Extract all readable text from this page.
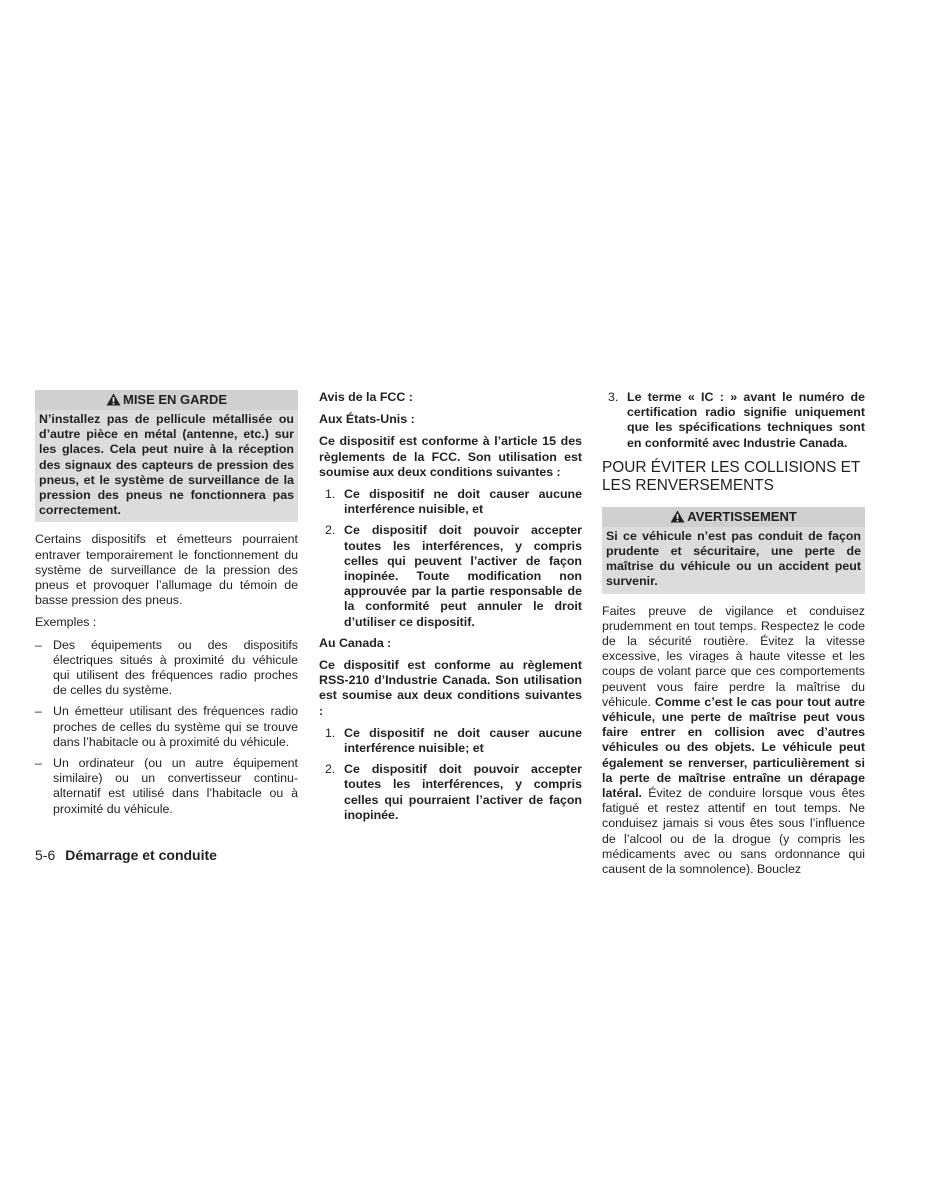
MISE EN GARDE

N’installez pas de pellicule métallisée ou d’autre pièce en métal (antenne, etc.) sur les glaces. Cela peut nuire à la réception des signaux des capteurs de pression des pneus, et le système de surveillance de la pression des pneus ne fonctionnera pas correctement.

Certains dispositifs et émetteurs pourraient entraver temporairement le fonctionnement du système de surveillance de la pression des pneus et provoquer l’allumage du témoin de basse pression des pneus.

Exemples :

– Des équipements ou des dispositifs électriques situés à proximité du véhicule qui utilisent des fréquences radio proches de celles du système.
– Un émetteur utilisant des fréquences radio proches de celles du système qui se trouve dans l’habitacle ou à proximité du véhicule.
– Un ordinateur (ou un autre équipement similaire) ou un convertisseur continu-alternatif est utilisé dans l’habitacle ou à proximité du véhicule.

Avis de la FCC :

Aux États-Unis :

Ce dispositif est conforme à l’article 15 des règlements de la FCC. Son utilisation est soumise aux deux conditions suivantes :

1. Ce dispositif ne doit causer aucune interférence nuisible, et
2. Ce dispositif doit pouvoir accepter toutes les interférences, y compris celles qui peuvent l’activer de façon inopinée. Toute modification non approuvée par la partie responsable de la conformité peut annuler le droit d’utiliser ce dispositif.

Au Canada :

Ce dispositif est conforme au règlement RSS-210 d’Industrie Canada. Son utilisation est soumise aux deux conditions suivantes :

1. Ce dispositif ne doit causer aucune interférence nuisible; et
2. Ce dispositif doit pouvoir accepter toutes les interférences, y compris celles qui pourraient l’activer de façon inopinée.
3. Le terme « IC : » avant le numéro de certification radio signifie uniquement que les spécifications techniques sont en conformité avec Industrie Canada.

POUR ÉVITER LES COLLISIONS ET LES RENVERSEMENTS

AVERTISSEMENT

Si ce véhicule n’est pas conduit de façon prudente et sécuritaire, une perte de maîtrise du véhicule ou un accident peut survenir.

Faites preuve de vigilance et conduisez prudemment en tout temps. Respectez le code de la sécurité routière. Évitez la vitesse excessive, les virages à haute vitesse et les coups de volant parce que ces comportements peuvent vous faire perdre la maîtrise du véhicule. Comme c’est le cas pour tout autre véhicule, une perte de maîtrise peut vous faire entrer en collision avec d’autres véhicules ou des objets. Le véhicule peut également se renverser, particulièrement si la perte de maîtrise entraîne un dérapage latéral. Évitez de conduire lorsque vous êtes fatigué et restez attentif en tout temps. Ne conduisez jamais si vous êtes sous l’influence de l’alcool ou de la drogue (y compris les médicaments avec ou sans ordonnance qui causent de la somnolence). Bouclez

5-6 Démarrage et conduite
